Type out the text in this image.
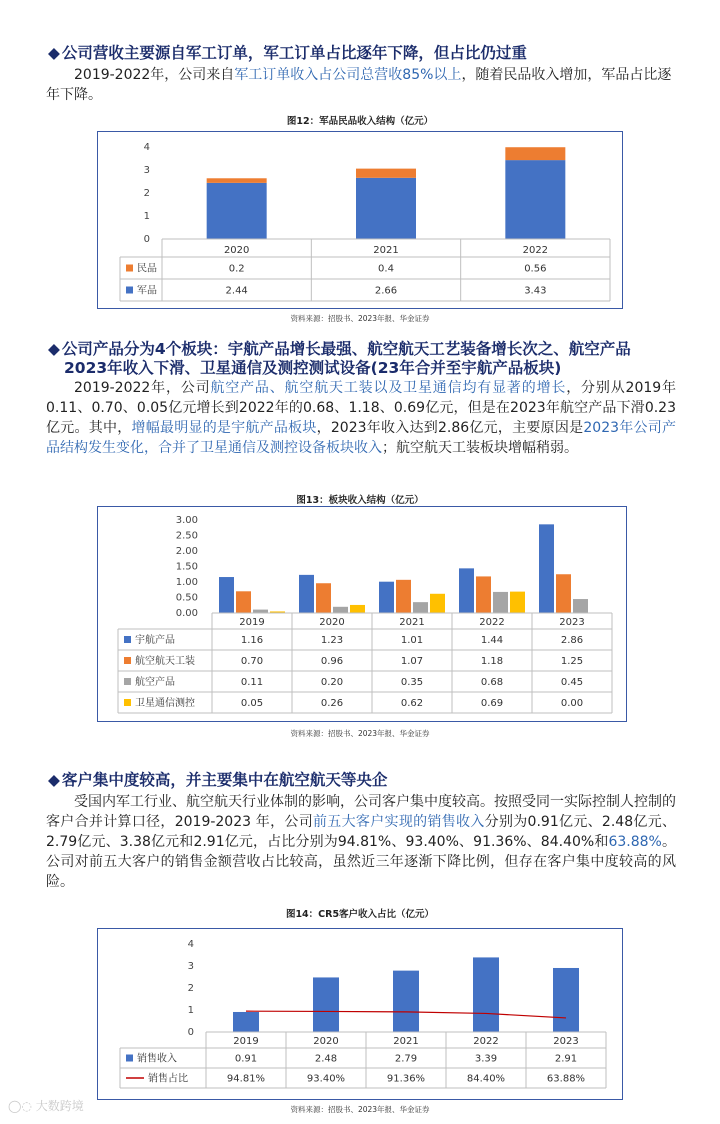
◆ 公司营收主要源自军工订单，军工订单占比逐年下降，但占比仍过重
2019-2022年，公司来自军工订单收入占公司总营收85%以上，随着民品收入增加，军品占比逐年下降。
图12：军品民品收入结构（亿元）
0
1
2
3
4
2020	2021	2022
民品	0.2	0.4	0.56
军品	2.44	2.66	3.43
资料来源：招股书、2023年报、华金证券
◆ 公司产品分为4个板块：宇航产品增长最强、航空航天工艺装备增长次之、航空产品
2023年收入下滑、卫星通信及测控测试设备(23年合并至宇航产品板块)
2019-2022年，公司航空产品、航空航天工装以及卫星通信均有显著的增长，分别从2019年0.11、0.70、0.05亿元增长到2022年的0.68、1.18、0.69亿元，但是在2023年航空产品下滑0.23亿元。其中，增幅最明显的是宇航产品板块，2023年收入达到2.86亿元，主要原因是2023年公司产品结构发生变化，合并了卫星通信及测控设备板块收入；航空航天工装板块增幅稍弱。
图13：板块收入结构（亿元）
0.00
0.50
1.00
1.50
2.00
2.50
3.00
2019	2020	2021	2022	2023
宇航产品	1.16	1.23	1.01	1.44	2.86
航空航天工装	0.70	0.96	1.07	1.18	1.25
航空产品	0.11	0.20	0.35	0.68	0.45
卫星通信测控	0.05	0.26	0.62	0.69	0.00
资料来源：招股书、2023年报、华金证券
◆ 客户集中度较高，并主要集中在航空航天等央企
受国内军工行业、航空航天行业体制的影响，公司客户集中度较高。按照受同一实际控制人控制的客户合并计算口径，2019-2023 年，公司前五大客户实现的销售收入分别为0.91亿元、2.48亿元、2.79亿元、3.38亿元和2.91亿元，占比分别为94.81%、93.40%、91.36%、84.40%和63.88%。公司对前五大客户的销售金额营收占比较高，虽然近三年逐渐下降比例，但存在客户集中度较高的风险。
图14：CR5客户收入占比（亿元）
0
1
2
3
4
2019	2020	2021	2022	2023
销售收入	0.91	2.48	2.79	3.39	2.91
销售占比	94.81%	93.40%	91.36%	84.40%	63.88%
资料来源：招股书、2023年报、华金证券
◯◌ 大数跨境
